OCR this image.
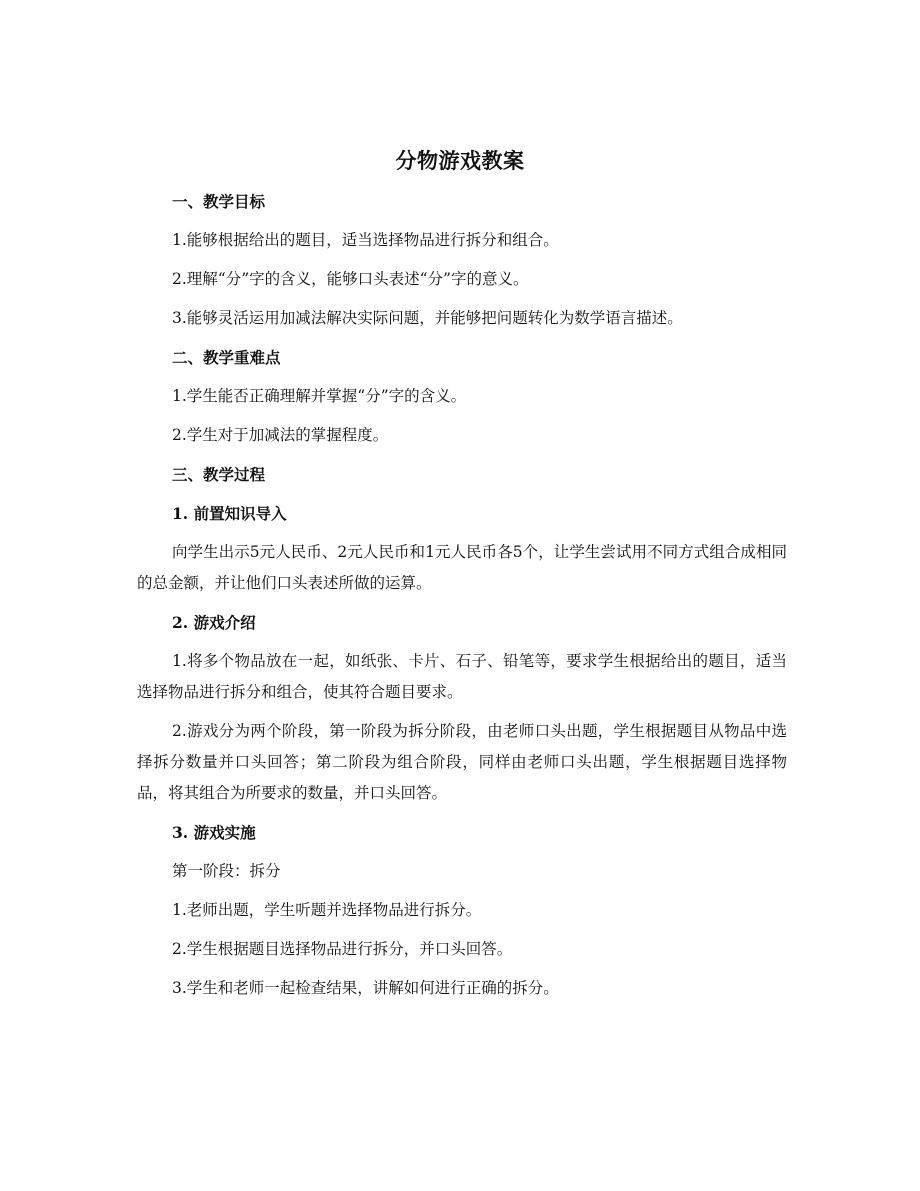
分物游戏教案
一、教学目标
1.能够根据给出的题目，适当选择物品进行拆分和组合。
2.理解“分”字的含义，能够口头表述“分”字的意义。
3.能够灵活运用加减法解决实际问题，并能够把问题转化为数学语言描述。
二、教学重难点
1.学生能否正确理解并掌握“分”字的含义。
2.学生对于加减法的掌握程度。
三、教学过程
1. 前置知识导入
向学生出示5元人民币、2元人民币和1元人民币各5个，让学生尝试用不同方式组合成相同的总金额，并让他们口头表述所做的运算。
2. 游戏介绍
1.将多个物品放在一起，如纸张、卡片、石子、铅笔等，要求学生根据给出的题目，适当选择物品进行拆分和组合，使其符合题目要求。
2.游戏分为两个阶段，第一阶段为拆分阶段，由老师口头出题，学生根据题目从物品中选择拆分数量并口头回答；第二阶段为组合阶段，同样由老师口头出题，学生根据题目选择物品，将其组合为所要求的数量，并口头回答。
3. 游戏实施
第一阶段：拆分
1.老师出题，学生听题并选择物品进行拆分。
2.学生根据题目选择物品进行拆分，并口头回答。
3.学生和老师一起检查结果，讲解如何进行正确的拆分。
